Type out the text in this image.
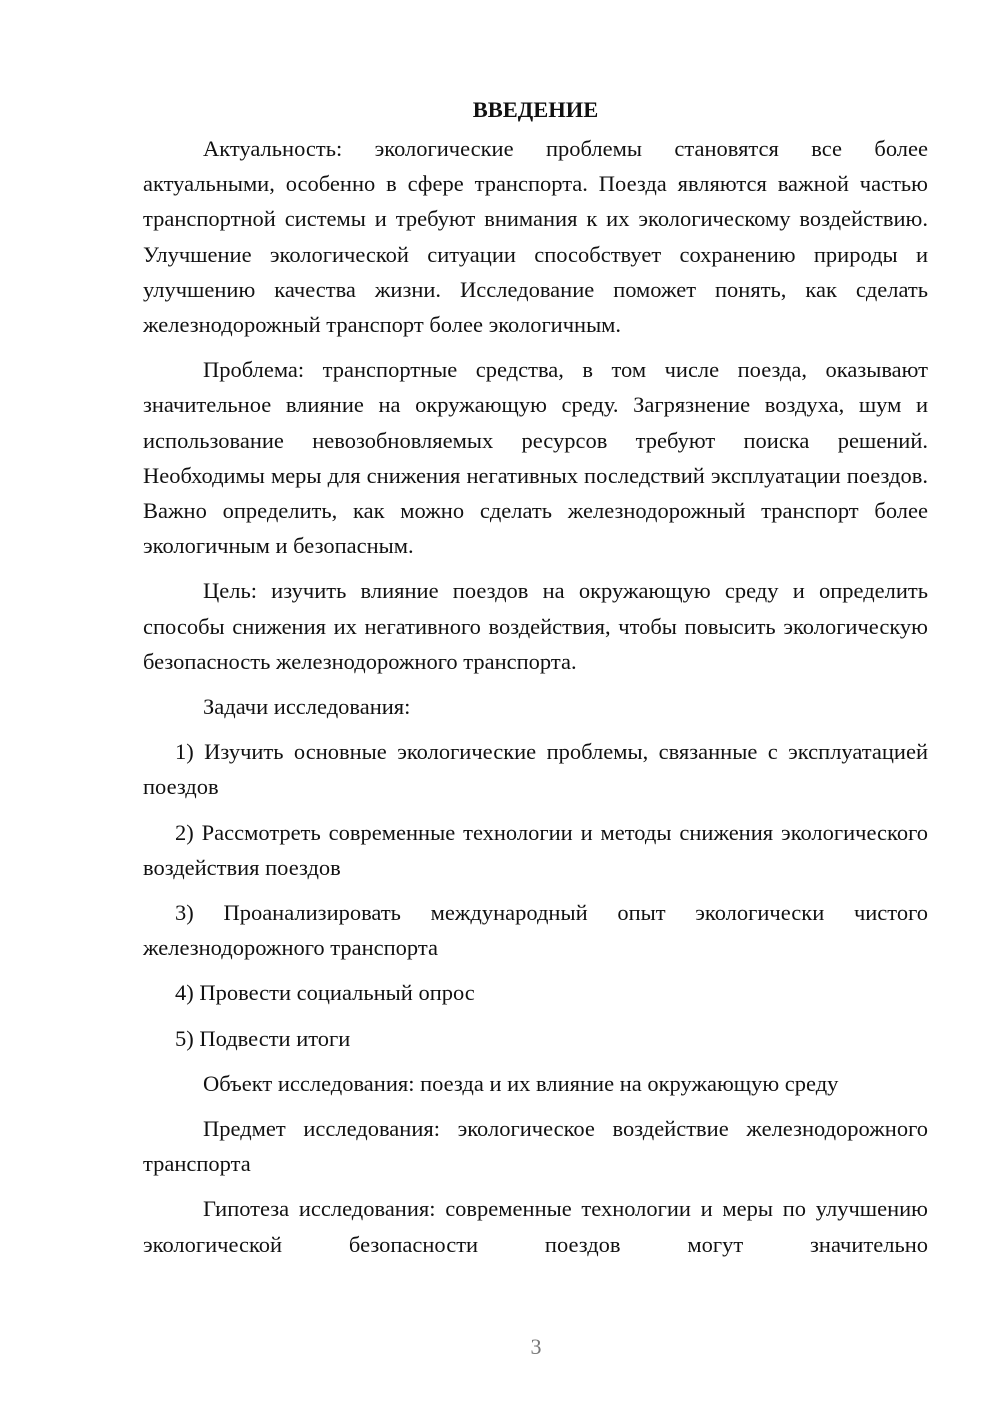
ВВЕДЕНИЕ

Актуальность: экологические проблемы становятся все более актуальными, особенно в сфере транспорта. Поезда являются важной частью транспортной системы и требуют внимания к их экологическому воздействию. Улучшение экологической ситуации способствует сохранению природы и улучшению качества жизни. Исследование поможет понять, как сделать железнодорожный транспорт более экологичным.

Проблема: транспортные средства, в том числе поезда, оказывают значительное влияние на окружающую среду. Загрязнение воздуха, шум и использование невозобновляемых ресурсов требуют поиска решений. Необходимы меры для снижения негативных последствий эксплуатации поездов. Важно определить, как можно сделать железнодорожный транспорт более экологичным и безопасным.

Цель: изучить влияние поездов на окружающую среду и определить способы снижения их негативного воздействия, чтобы повысить экологическую безопасность железнодорожного транспорта.

Задачи исследования:

1) Изучить основные экологические проблемы, связанные с эксплуатацией поездов

2) Рассмотреть современные технологии и методы снижения экологического воздействия поездов

3) Проанализировать международный опыт экологически чистого железнодорожного транспорта

4) Провести социальный опрос

5) Подвести итоги

Объект исследования: поезда и их влияние на окружающую среду

Предмет исследования: экологическое воздействие железнодорожного транспорта

Гипотеза исследования: современные технологии и меры по улучшению экологической безопасности поездов могут значительно

3
